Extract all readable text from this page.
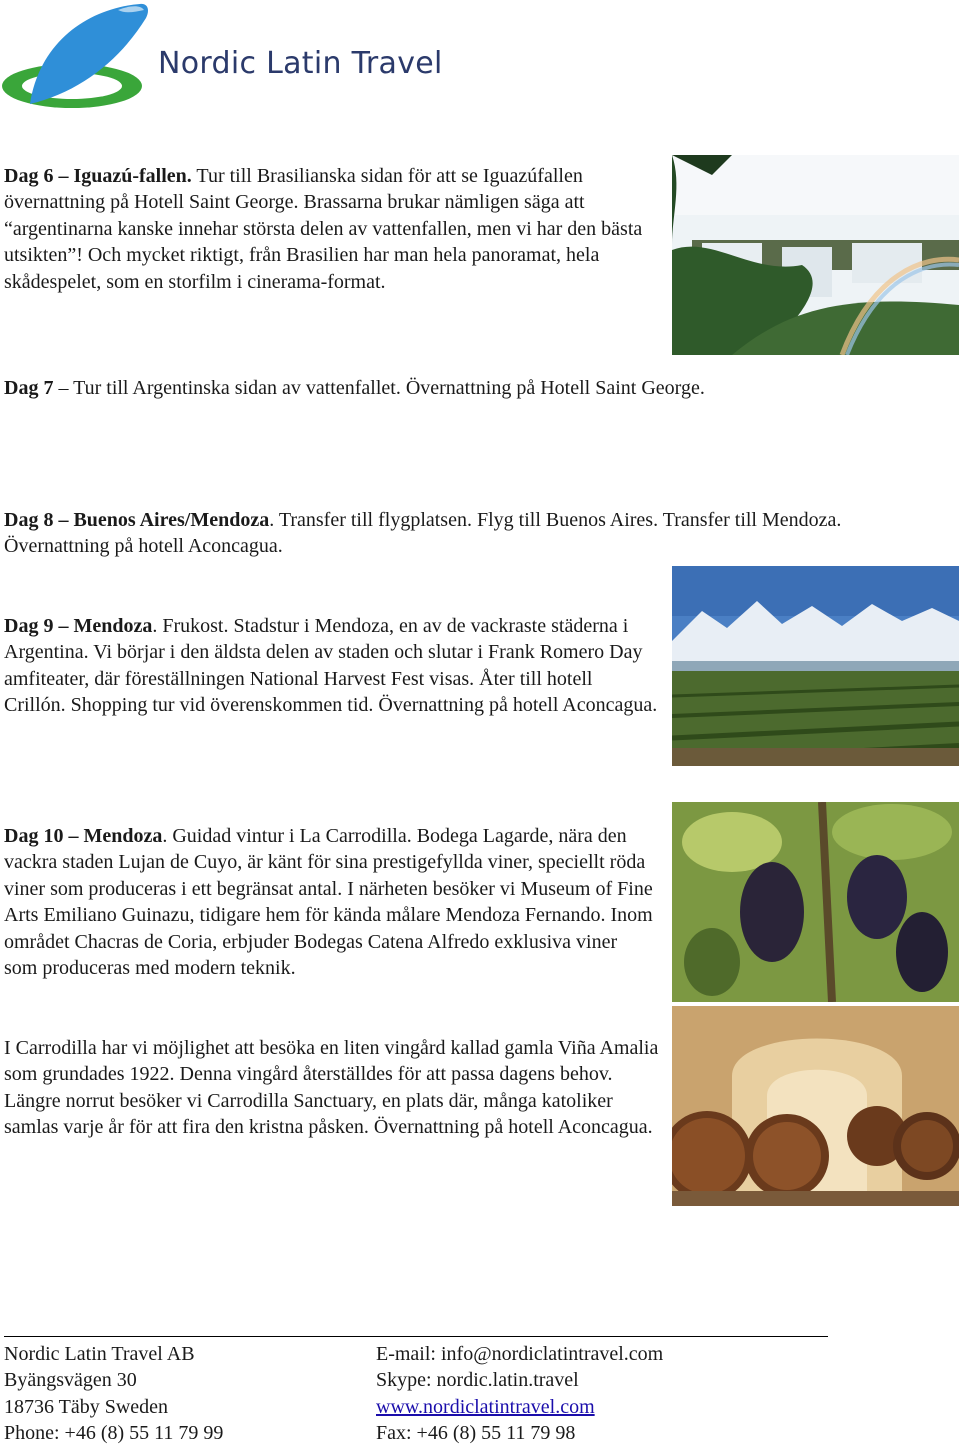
Nordic Latin Travel

Dag 6 – Iguazú-fallen. Tur till Brasilianska sidan för att se Iguazúfallen övernattning på Hotell Saint George. Brassarna brukar nämligen säga att “argentinarna kanske innehar största delen av vattenfallen, men vi har den bästa utsikten”! Och mycket riktigt, från Brasilien har man hela panoramat, hela skådespelet, som en storfilm i cinerama-format.

Dag 7 – Tur till Argentinska sidan av vattenfallet. Övernattning på Hotell Saint George.

Dag 8 – Buenos Aires/Mendoza. Transfer till flygplatsen. Flyg till Buenos Aires. Transfer till Mendoza. Övernattning på hotell Aconcagua.

Dag 9 – Mendoza. Frukost. Stadstur i Mendoza, en av de vackraste städerna i Argentina. Vi börjar i den äldsta delen av staden och slutar i Frank Romero Day amfiteater, där föreställningen National Harvest Fest visas. Åter till hotell Crillón. Shopping tur vid överenskommen tid. Övernattning på hotell Aconcagua.

Dag 10 – Mendoza. Guidad vintur i La Carrodilla. Bodega Lagarde, nära den vackra staden Lujan de Cuyo, är känt för sina prestigefyllda viner, speciellt röda viner som produceras i ett begränsat antal. I närheten besöker vi Museum of Fine Arts Emiliano Guinazu, tidigare hem för kända målare Mendoza Fernando. Inom området Chacras de Coria, erbjuder Bodegas Catena Alfredo exklusiva viner som produceras med modern teknik.

I Carrodilla har vi möjlighet att besöka en liten vingård kallad gamla Viña Amalia som grundades 1922. Denna vingård återställdes för att passa dagens behov. Längre norrut besöker vi Carrodilla Sanctuary, en plats där, många katoliker samlas varje år för att fira den kristna påsken. Övernattning på hotell Aconcagua.

Nordic Latin Travel AB
Byängsvägen 30
18736 Täby Sweden
Phone: +46 (8) 55 11 79 99
E-mail: info@nordiclatintravel.com
Skype: nordic.latin.travel
www.nordiclatintravel.com
Fax: +46 (8) 55 11 79 98
